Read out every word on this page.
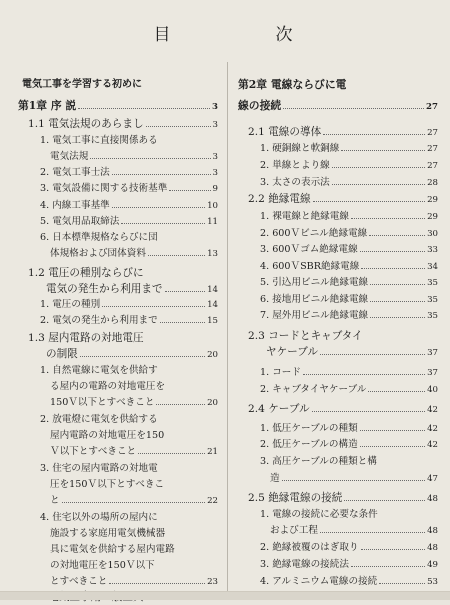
目　次
電気工事を学習する初めに
第1章 序 説	3
1.1 電気法規のあらまし	3
1. 電気工事に直接関係ある
電気法規	3
2. 電気工事士法	3
3. 電気設備に関する技術基準	9
4. 内線工事基準	10
5. 電気用品取締法	11
6. 日本標準規格ならびに団
体規格および団体資料	13
1.2 電圧の種別ならびに
電気の発生から利用まで	14
1. 電圧の種別	14
2. 電気の発生から利用まで	15
1.3 屋内電路の対地電圧
の制限	20
1. 自然電線に電気を供給す
る屋内の電路の対地電圧を
150Ｖ以下とすべきこと	20
2. 放電燈に電気を供給する
屋内電路の対地電圧を150
Ｖ以下とすべきこと	21
3. 住宅の屋内電路の対地電
圧を150Ｖ以下とすべきこ
と	22
4. 住宅以外の場所の屋内に
施設する家庭用電気機械器
具に電気を供給する屋内電路
の対地電圧を150Ｖ以下
とすべきこと	23
第2章 電線ならびに電
線の接続	27
2.1 電線の導体	27
1. 硬銅線と軟銅線	27
2. 単線とより線	27
3. 太さの表示法	28
2.2 絶縁電線	29
1. 裸電線と絶縁電線	29
2. 600Ｖビニル絶縁電線	30
3. 600Ｖゴム絶縁電線	33
4. 600ＶSBR絶縁電線	34
5. 引込用ビニル絶縁電線	35
6. 接地用ビニル絶縁電線	35
7. 屋外用ビニル絶縁電線	35
2.3 コードとキャブタイ
ヤケーブル	37
1. コード	37
2. キャブタイヤケーブル	40
2.4 ケーブル	42
1. 低圧ケーブルの種類	42
2. 低圧ケーブルの構造	42
3. 高圧ケーブルの種類と構
造	47
2.5 絶縁電線の接続	48
1. 電線の接続に必要な条件
および工程	48
2. 絶縁被覆のはぎ取り	48
3. 絶縁電線の接続法	49
4. アルミニウム電線の接続	53
